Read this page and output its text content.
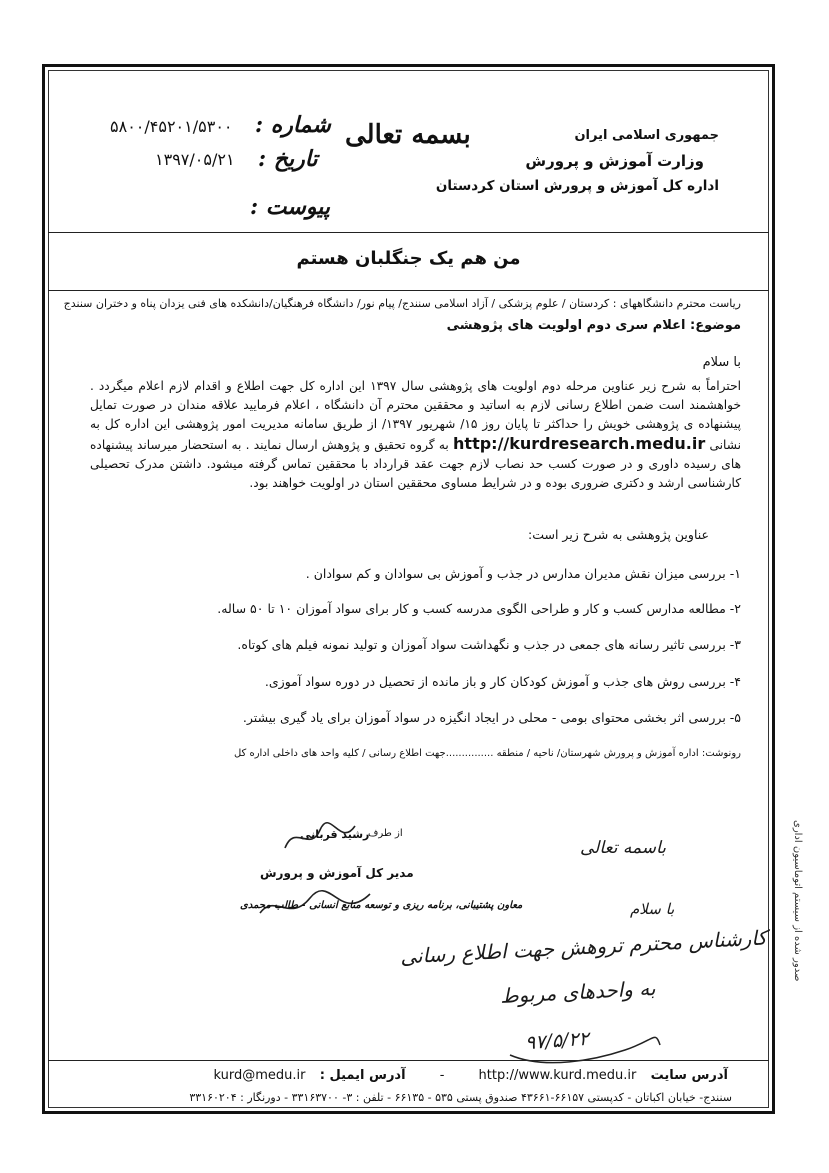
جمهوری اسلامی ایران
وزارت آموزش و پرورش
اداره کل آموزش و پرورش استان کردستان
بسمه تعالی
شماره :
۵۸۰۰/۴۵۲۰۱/۵۳۰۰
تاریخ :
۱۳۹۷/۰۵/۲۱
پیوست :
من هم یک جنگلبان هستم
ریاست محترم دانشگاههای : کردستان / علوم پزشکی / آزاد اسلامی سنندج/ پیام نور/ دانشگاه فرهنگیان/دانشکده های فنی یزدان پناه و دختران سنندج
موضوع: اعلام سری دوم اولویت های پژوهشی
با سلام
احتراماً به شرح زیر عناوین مرحله دوم اولویت های پژوهشی سال ۱۳۹۷ این اداره کل جهت اطلاع و اقدام لازم اعلام میگردد . خواهشمند است ضمن اطلاع رسانی لازم به اساتید و محققین محترم آن دانشگاه ، اعلام فرمایید علاقه مندان در صورت تمایل پیشنهاده ی پژوهشی خویش را حداکثر تا پایان روز ۱۵/ شهریور ۱۳۹۷/ از طریق سامانه مدیریت امور پژوهشی این اداره کل به نشانی http://kurdresearch.medu.ir به گروه تحقیق و پژوهش ارسال نمایند . به استحضار میرساند پیشنهاده های رسیده داوری و در صورت کسب حد نصاب لازم جهت عقد قرارداد با محققین تماس گرفته میشود. داشتن مدرک تحصیلی کارشناسی ارشد و دکتری ضروری بوده و در شرایط مساوی محققین استان در اولویت خواهند بود.
عناوین پژوهشی به شرح زیر است:
۱- بررسی میزان نقش مدیران مدارس در جذب و آموزش بی سوادان و کم سوادان .
۲- مطالعه مدارس کسب و کار و طراحی الگوی مدرسه کسب و کار برای سواد آموزان ۱۰ تا ۵۰ ساله.
۳- بررسی تاثیر رسانه های جمعی در جذب و نگهداشت سواد آموزان و تولید نمونه فیلم های کوتاه.
۴- بررسی روش های جذب و آموزش کودکان کار و باز مانده از تحصیل در دوره سواد آموزی.
۵- بررسی اثر بخشی محتوای بومی - محلی در ایجاد انگیزه در سواد آموزان برای یاد گیری بیشتر.
رونوشت: اداره آموزش و پرورش شهرستان/ ناحیه / منطقه ...............جهت اطلاع رسانی / کلیه واحد های داخلی اداره کل
از طرف
رشید قربانی
مدیر کل آموزش و پرورش
معاون پشتیبانی، برنامه ریزی و توسعه منابع انسانی - طالب محمدی
باسمه تعالی
با سلام
کارشناس محترم تروهش جهت اطلاع رسانی
به واحدهای مربوط
۹۷/۵/۲۲
صدور شده از سیستم اتوماسیون اداری
آدرس سایت  http://www.kurd.medu.ir - آدرس ایمیل :  kurd@medu.ir
سنندج- خیابان اکباتان - کدپستی ۶۶۱۵۷-۴۳۶۶۱ صندوق پستی ۵۳۵ - ۶۶۱۳۵ - تلفن : ۳- ۳۳۱۶۳۷۰۰ - دورنگار : ۳۳۱۶۰۲۰۴
